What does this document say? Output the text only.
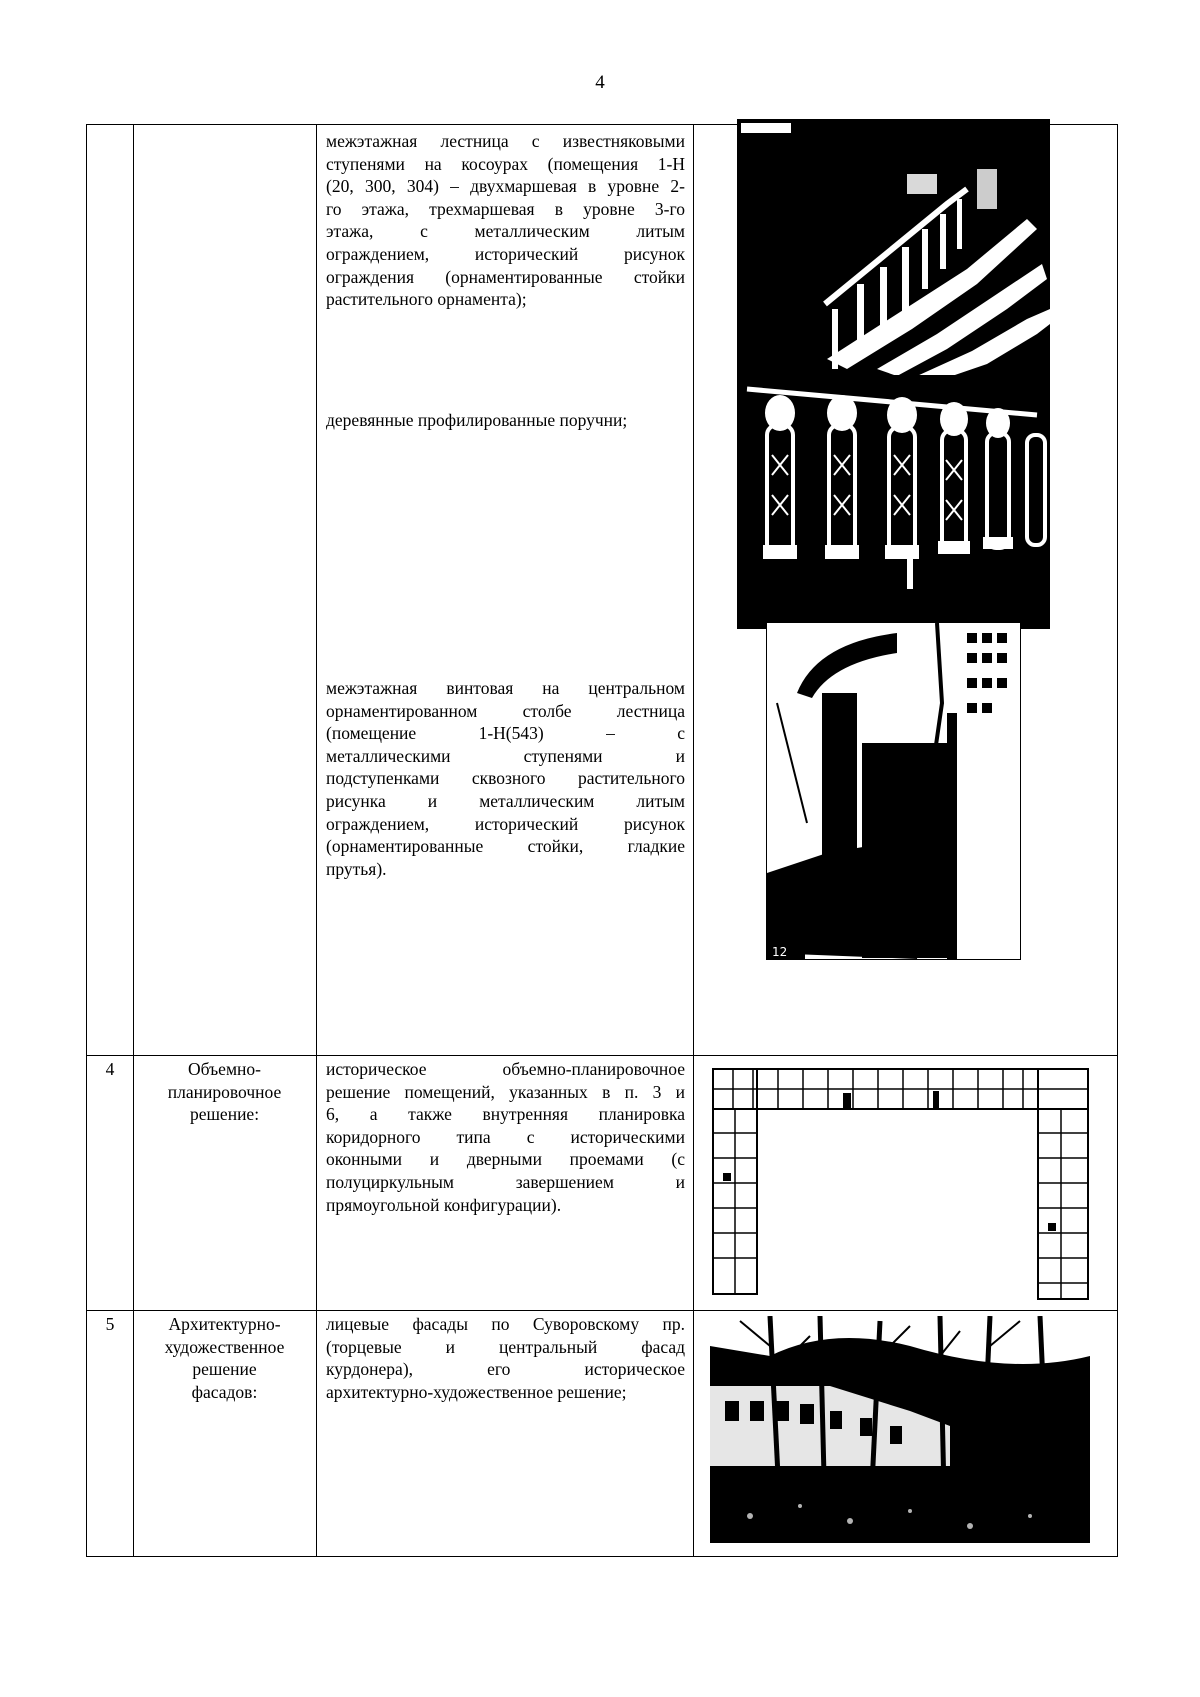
4
межэтажная лестница с известняковыми
ступенями на косоурах (помещения 1-Н
(20, 300, 304) – двухмаршевая в уровне 2-
го этажа, трехмаршевая в уровне 3-го
этажа, с металлическим литым
ограждением, исторический рисунок
ограждения (орнаментированные стойки
растительного орнамента);
деревянные профилированные поручни;
межэтажная винтовая на центральном
орнаментированном столбе лестница
(помещение 1-Н(543) – с
металлическими ступенями и
подступенками сквозного растительного
рисунка и металлическим литым
ограждением, исторический рисунок
(орнаментированные стойки, гладкие
прутья).
12
4	Объемно-
планировочное
решение:
историческое объемно-планировочное
решение помещений, указанных в п. 3 и
6, а также внутренняя планировка
коридорного типа с историческими
оконными и дверными проемами (с
полуциркульным завершением и
прямоугольной конфигурации).
5	Архитектурно-
художественное
решение
фасадов:
лицевые фасады по Суворовскому пр.
(торцевые и центральный фасад
курдонера), его историческое
архитектурно-художественное решение;
